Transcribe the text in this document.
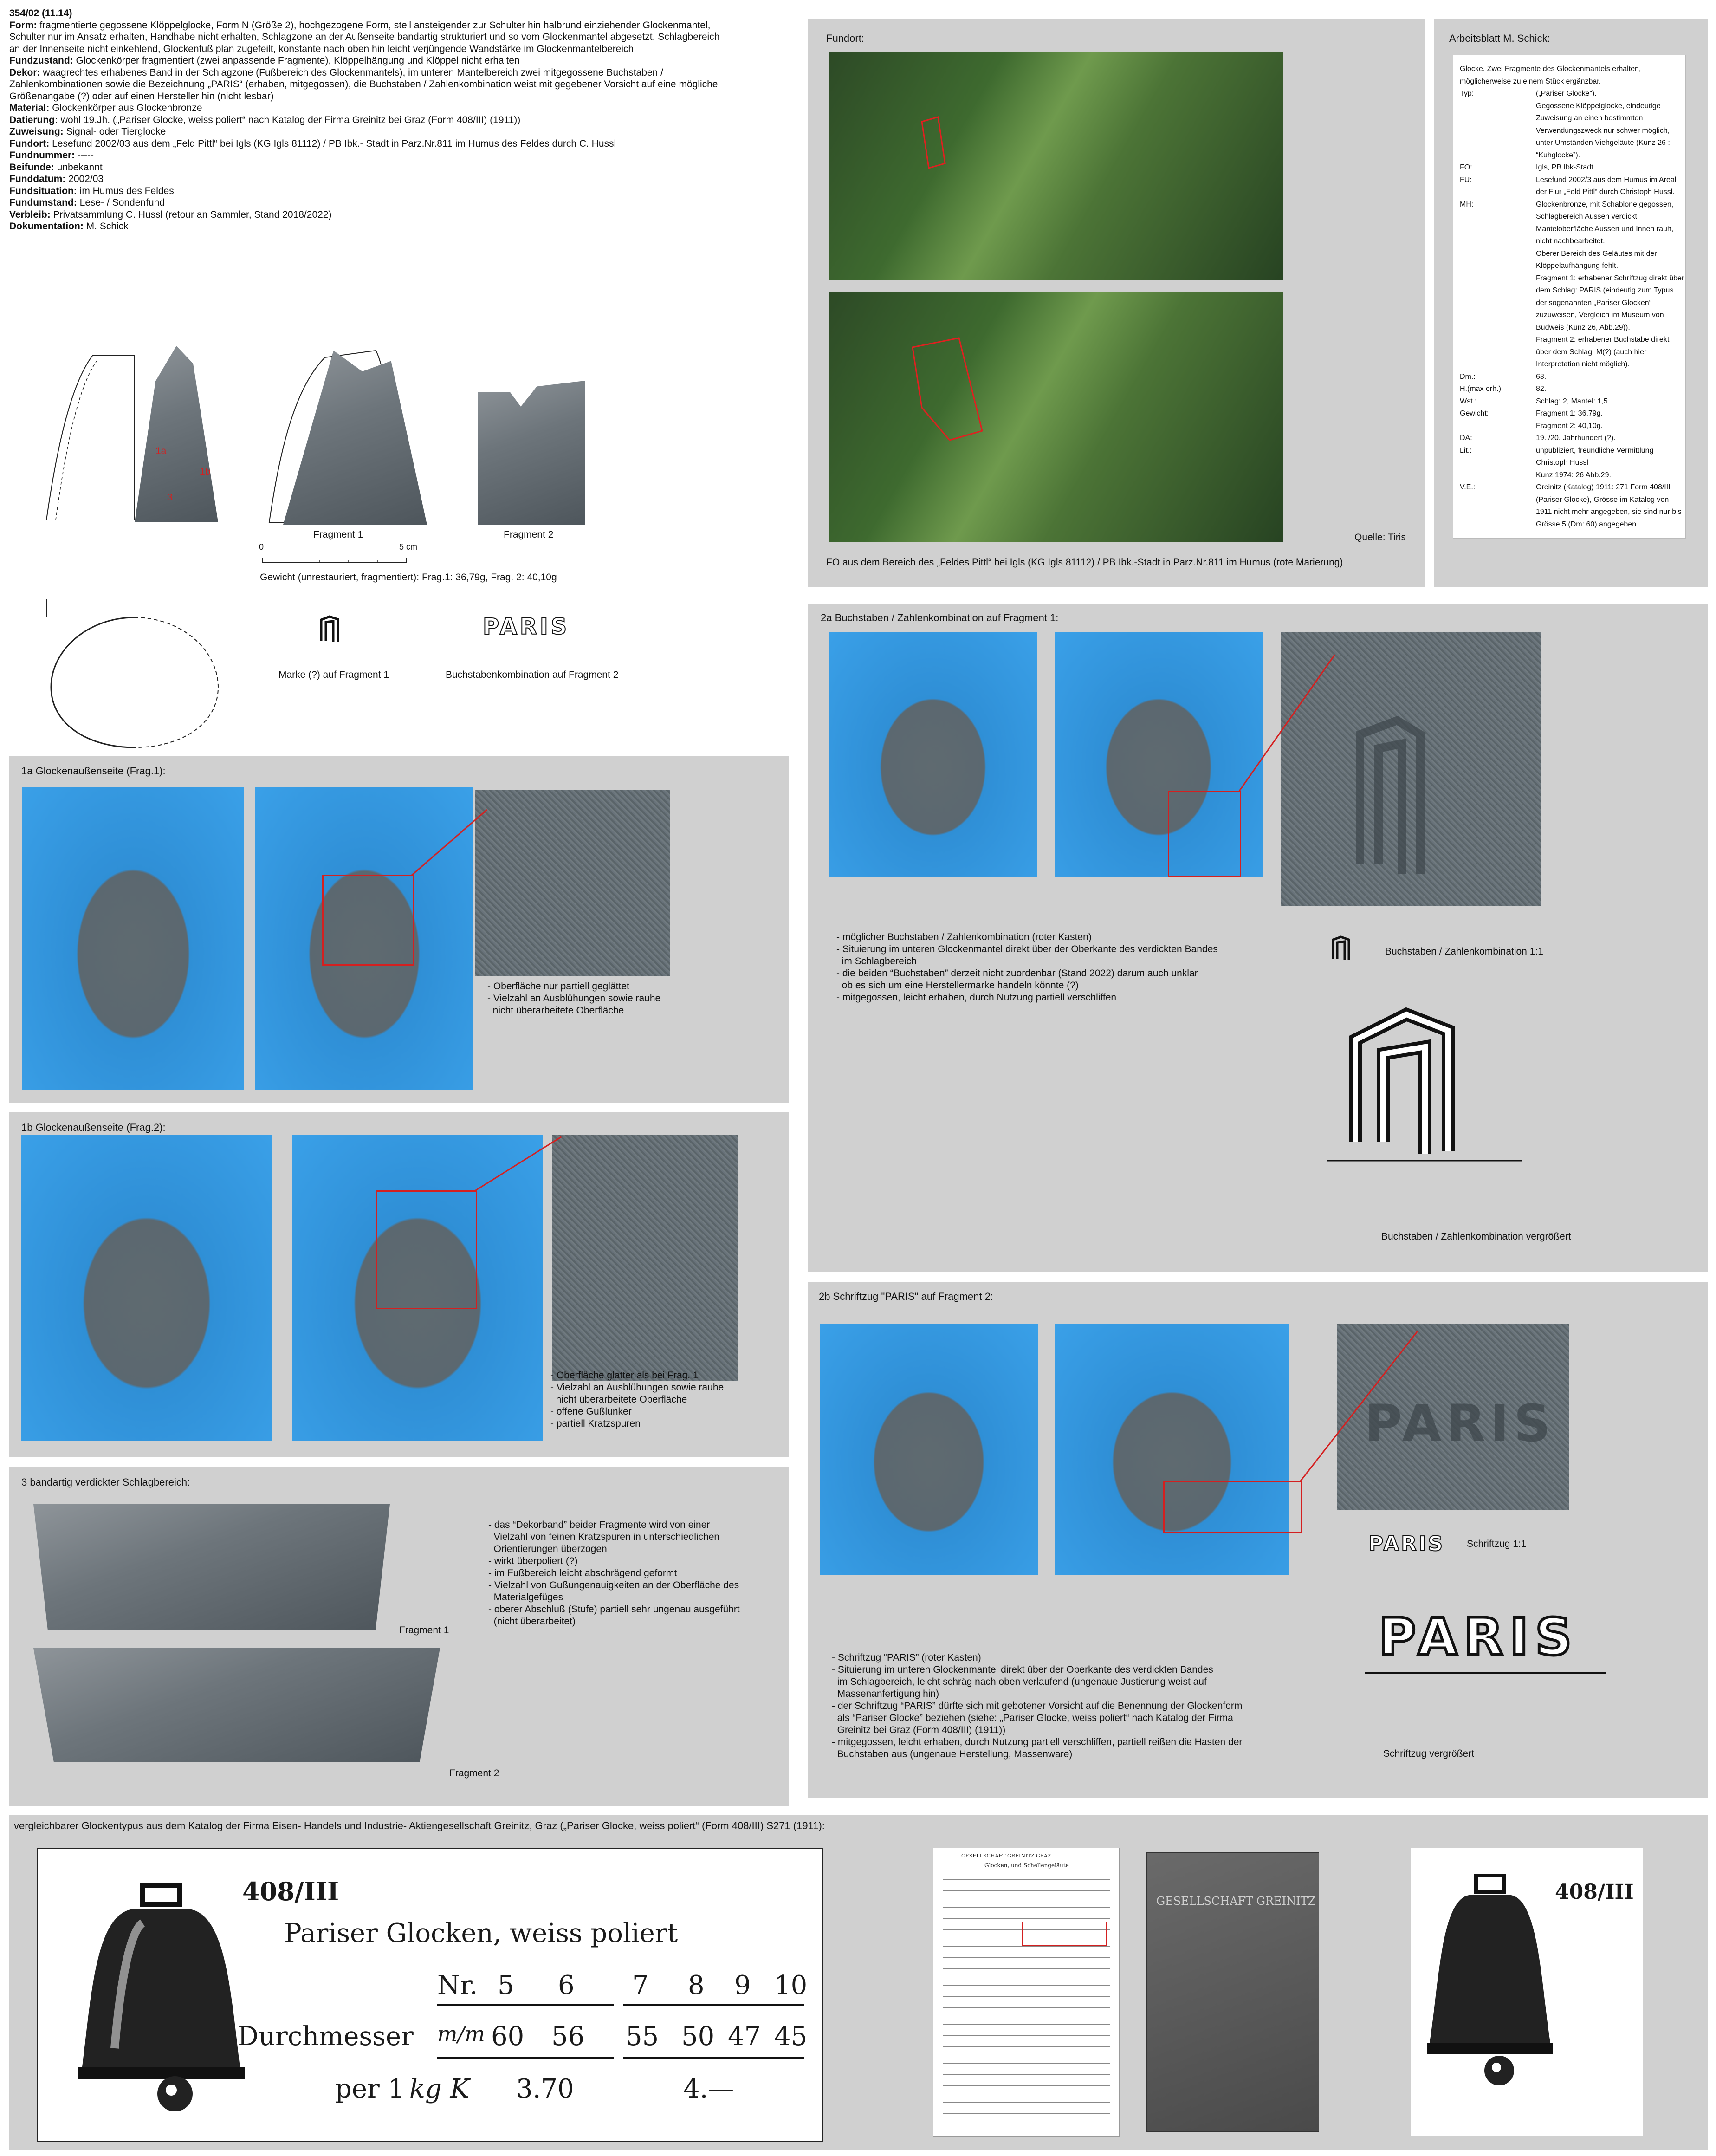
354/02 (11.14)
Form: fragmentierte gegossene Klöppelglocke, Form N (Größe 2), hochgezogene Form, steil ansteigender zur Schulter hin halbrund einziehender Glockenmantel,
Schulter nur im Ansatz erhalten, Handhabe nicht erhalten, Schlagzone an der Außenseite bandartig strukturiert und so vom Glockenmantel abgesetzt, Schlagbereich
an der Innenseite nicht einkehlend, Glockenfuß plan zugefeilt, konstante nach oben hin leicht verjüngende Wandstärke im Glockenmantelbereich
Fundzustand: Glockenkörper fragmentiert (zwei anpassende Fragmente), Klöppelhängung und Klöppel nicht erhalten
Dekor: waagrechtes erhabenes Band in der Schlagzone (Fußbereich des Glockenmantels), im unteren Mantelbereich zwei mitgegossene Buchstaben /
Zahlenkombinationen sowie die Bezeichnung „PARIS“ (erhaben, mitgegossen), die Buchstaben / Zahlenkombination weist mit gegebener Vorsicht auf eine mögliche
Größenangabe (?) oder auf einen Hersteller hin (nicht lesbar)
Material: Glockenkörper aus Glockenbronze
Datierung: wohl 19.Jh. („Pariser Glocke, weiss poliert“ nach Katalog der Firma Greinitz bei Graz (Form 408/III) (1911))
Zuweisung: Signal- oder Tierglocke
Fundort: Lesefund 2002/03 aus dem „Feld Pittl“ bei Igls (KG Igls 81112) / PB Ibk.- Stadt in Parz.Nr.811 im Humus des Feldes durch C. Hussl
Fundnummer: -----
Beifunde: unbekannt
Funddatum: 2002/03
Fundsituation: im Humus des Feldes
Fundumstand: Lese- / Sondenfund
Verbleib: Privatsammlung C. Hussl (retour an Sammler, Stand 2018/2022)
Dokumentation: M. Schick
1a
1b
3
Fragment 1	Fragment 2
0	5 cm
Gewicht (unrestauriert, fragmentiert): Frag.1: 36,79g, Frag. 2: 40,10g
PARIS
Marke (?) auf Fragment 1	Buchstabenkombination auf Fragment 2
1a Glockenaußenseite (Frag.1):
- Oberfläche nur partiell geglättet
- Vielzahl an Ausblühungen sowie rauhe
nicht überarbeitete Oberfläche
1b Glockenaußenseite (Frag.2):
- Oberfläche glatter als bei Frag. 1
- Vielzahl an Ausblühungen sowie rauhe
nicht überarbeitete Oberfläche
- offene Gußlunker
- partiell Kratzspuren
3 bandartig verdickter Schlagbereich:
Fragment 1
Fragment 2
- das “Dekorband” beider Fragmente wird von einer
Vielzahl von feinen Kratzspuren in unterschiedlichen
Orientierungen überzogen
- wirkt überpoliert (?)
- im Fußbereich leicht abschrägend geformt
- Vielzahl von Gußungenauigkeiten an der Oberfläche des
Materialgefüges
- oberer Abschluß (Stufe) partiell sehr ungenau ausgeführt
(nicht überarbeitet)
Fundort:
Quelle: Tiris
FO aus dem Bereich des „Feldes Pittl“ bei Igls (KG Igls 81112) / PB Ibk.-Stadt in Parz.Nr.811 im Humus (rote Marierung)
Arbeitsblatt M. Schick:
Glocke. Zwei Fragmente des Glockenmantels erhalten,
möglicherweise zu einem Stück ergänzbar.
Typ:	(„Pariser Glocke“).
Gegossene Klöppelglocke, eindeutige
Zuweisung an einen bestimmten
Verwendungszweck nur schwer möglich,
unter Umständen Viehgeläute (Kunz 26 :
“Kuhglocke”).
FO:	Igls, PB Ibk-Stadt.
FU:	Lesefund 2002/3 aus dem Humus im Areal
der Flur „Feld Pittl“ durch Christoph Hussl.
MH:	Glockenbronze, mit Schablone gegossen,
Schlagbereich Aussen verdickt,
Manteloberfläche Aussen und Innen rauh,
nicht nachbearbeitet.
Oberer Bereich des Geläutes mit der
Klöppelaufhängung fehlt.
Fragment 1: erhabener Schriftzug direkt über
dem Schlag: PARIS (eindeutig zum Typus
der sogenannten „Pariser Glocken“
zuzuweisen, Vergleich im Museum von
Budweis (Kunz 26, Abb.29)).
Fragment 2: erhabener Buchstabe direkt
über dem Schlag: M(?) (auch hier
Interpretation nicht möglich).
Dm.:	68.
H.(max erh.):	82.
Wst.:	Schlag: 2, Mantel: 1,5.
Gewicht:	Fragment 1: 36,79g,
Fragment 2: 40,10g.
DA:	19. /20. Jahrhundert (?).
Lit.:	unpubliziert, freundliche Vermittlung
Christoph Hussl
Kunz 1974: 26 Abb.29.
V.E.:	Greinitz (Katalog) 1911: 271 Form 408/III
(Pariser Glocke), Grösse im Katalog von
1911 nicht mehr angegeben, sie sind nur bis
Grösse 5 (Dm: 60) angegeben.
2a Buchstaben / Zahlenkombination auf Fragment 1:
- möglicher Buchstaben / Zahlenkombination (roter Kasten)
- Situierung im unteren Glockenmantel direkt über der Oberkante des verdickten Bandes
im Schlagbereich
- die beiden “Buchstaben” derzeit nicht zuordenbar (Stand 2022) darum auch unklar
ob es sich um eine Herstellermarke handeln könnte (?)
- mitgegossen, leicht erhaben, durch Nutzung partiell verschliffen
Buchstaben / Zahlenkombination 1:1
Buchstaben / Zahlenkombination vergrößert
2b Schriftzug "PARIS" auf Fragment 2:
PARIS
PARIS Schriftzug 1:1
PARIS
Schriftzug vergrößert
- Schriftzug “PARIS” (roter Kasten)
- Situierung im unteren Glockenmantel direkt über der Oberkante des verdickten Bandes
im Schlagbereich, leicht schräg nach oben verlaufend (ungenaue Justierung weist auf
Massenanfertigung hin)
- der Schriftzug “PARIS” dürfte sich mit gebotener Vorsicht auf die Benennung der Glockenform
als “Pariser Glocke” beziehen (siehe: „Pariser Glocke, weiss poliert“ nach Katalog der Firma
Greinitz bei Graz (Form 408/III) (1911))
- mitgegossen, leicht erhaben, durch Nutzung partiell verschliffen, partiell reißen die Hasten der
Buchstaben aus (ungenaue Herstellung, Massenware)
vergleichbarer Glockentypus aus dem Katalog der Firma Eisen- Handels und Industrie- Aktiengesellschaft Greinitz, Graz („Pariser Glocke, weiss poliert“ (Form 408/III) S271 (1911):
408/III
Pariser Glocken, weiss poliert
Nr. 5 6 7 8 9 10
Durchmesser m/m 60 56 55 50 47 45
per 1 kg K 3.70	4.—
GESELLSCHAFT GREINITZ GRAZ
Glocken, und Schellengeläute
GESELLSCHAFT GREINITZ	408/III
